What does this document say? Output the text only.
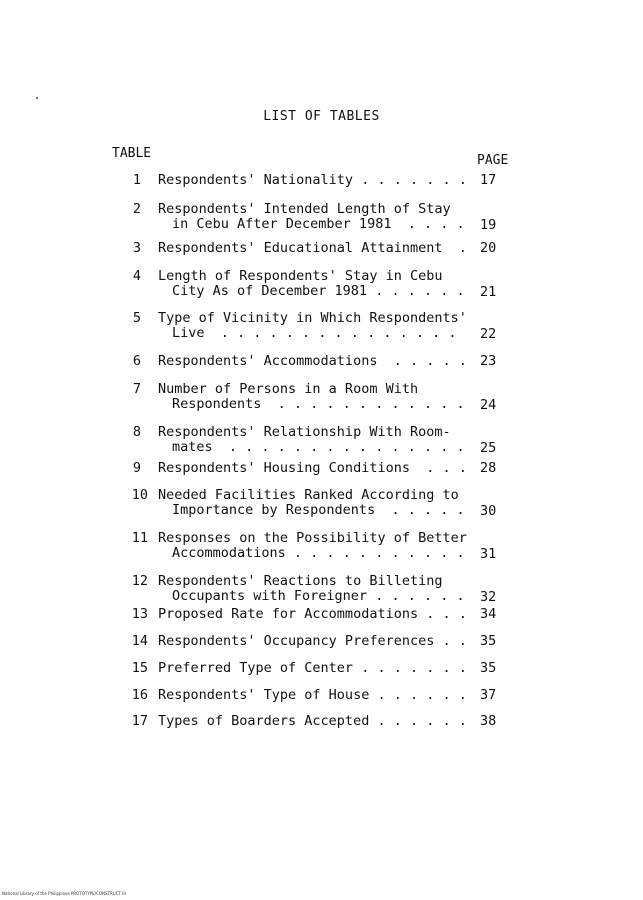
LIST OF TABLES
TABLE	PAGE
1 Respondents' Nationality . . . . . . . 17
2 Respondents' Intended Length of Stay
in Cebu After December 1981  . . . . 19
3 Respondents' Educational Attainment  . 20
4 Length of Respondents' Stay in Cebu
City As of December 1981 . . . . . . 21
5 Type of Vicinity in Which Respondents'
Live  . . . . . . . . . . . . . . . 22
6 Respondents' Accommodations  . . . . . 23
7 Number of Persons in a Room With
Respondents  . . . . . . . . . . . . 24
8 Respondents' Relationship With Room-
mates  . . . . . . . . . . . . . . . 25
9 Respondents' Housing Conditions  . . . 28
10 Needed Facilities Ranked According to
Importance by Respondents  . . . . . 30
11 Responses on the Possibility of Better
Accommodations . . . . . . . . . . . 31
12 Respondents' Reactions to Billeting
Occupants with Foreigner . . . . . . 32
13 Proposed Rate for Accommodations . . . 34
14 Respondents' Occupancy Preferences . . 35
15 Preferred Type of Center . . . . . . . 35
16 Respondents' Type of House . . . . . . 37
17 Types of Boarders Accepted . . . . . . 38
National Library of the Philippines PROTOTYPE/CONSTRUCT III
